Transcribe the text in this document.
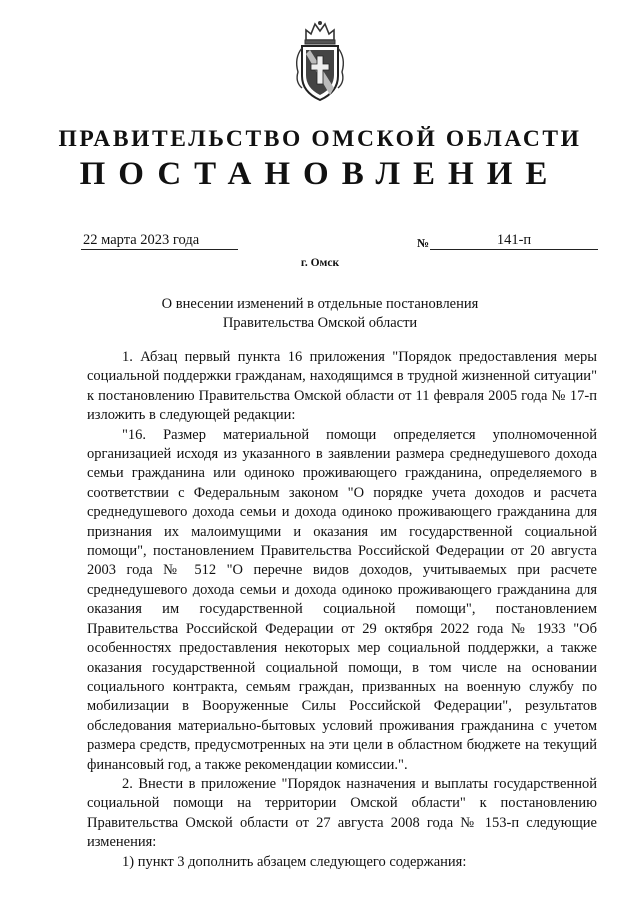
ПРАВИТЕЛЬСТВО ОМСКОЙ ОБЛАСТИ
ПОСТАНОВЛЕНИЕ
22 марта 2023 года	№	141-п
г. Омск
О внесении изменений в отдельные постановления
Правительства Омской области

1. Абзац первый пункта 16 приложения "Порядок предоставления меры социальной поддержки гражданам, находящимся в трудной жизненной ситуации" к постановлению Правительства Омской области от 11 февраля 2005 года № 17-п изложить в следующей редакции:

"16. Размер материальной помощи определяется уполномоченной организацией исходя из указанного в заявлении размера среднедушевого дохода семьи гражданина или одиноко проживающего гражданина, определяемого в соответствии с Федеральным законом "О порядке учета доходов и расчета среднедушевого дохода семьи и дохода одиноко проживающего гражданина для признания их малоимущими и оказания им государственной социальной помощи", постановлением Правительства Российской Федерации от 20 августа 2003 года № 512 "О перечне видов доходов, учитываемых при расчете среднедушевого дохода семьи и дохода одиноко проживающего гражданина для оказания им государственной социальной помощи", постановлением Правительства Российской Федерации от 29 октября 2022 года № 1933 "Об особенностях предоставления некоторых мер социальной поддержки, а также оказания государственной социальной помощи, в том числе на основании социального контракта, семьям граждан, призванных на военную службу по мобилизации в Вооруженные Силы Российской Федерации", результатов обследования материально-бытовых условий проживания гражданина с учетом размера средств, предусмотренных на эти цели в областном бюджете на текущий финансовый год, а также рекомендации комиссии.".

2. Внести в приложение "Порядок назначения и выплаты государственной социальной помощи на территории Омской области" к постановлению Правительства Омской области от 27 августа 2008 года № 153-п следующие изменения:

1) пункт 3 дополнить абзацем следующего содержания:
